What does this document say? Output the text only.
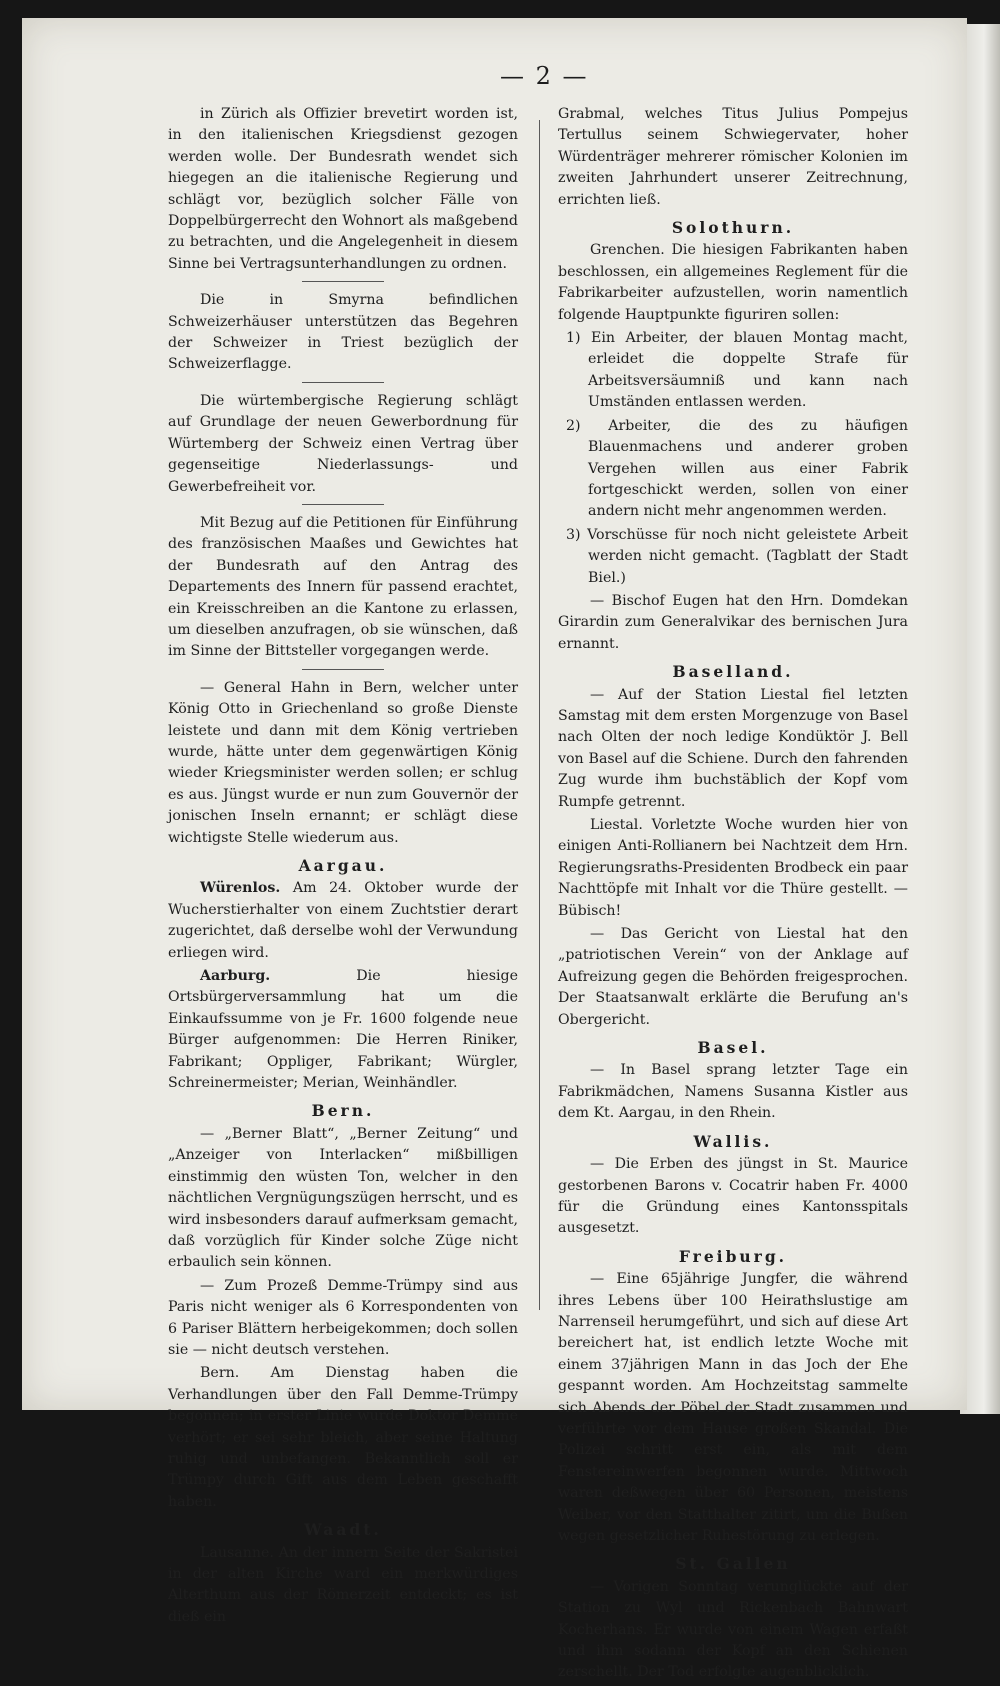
— 2 —

in Zürich als Offizier brevetirt worden ist, in den italienischen Kriegsdienst gezogen werden wolle. Der Bundesrath wendet sich hiegegen an die italienische Regierung und schlägt vor, bezüglich solcher Fälle von Doppelbürgerrecht den Wohnort als maßgebend zu betrachten, und die Angelegenheit in diesem Sinne bei Vertragsunterhandlungen zu ordnen.

Die in Smyrna befindlichen Schweizerhäuser unterstützen das Begehren der Schweizer in Triest bezüglich der Schweizerflagge.

Die würtembergische Regierung schlägt auf Grundlage der neuen Gewerbordnung für Würtemberg der Schweiz einen Vertrag über gegenseitige Niederlassungs- und Gewerbefreiheit vor.

Mit Bezug auf die Petitionen für Einführung des französischen Maaßes und Gewichtes hat der Bundesrath auf den Antrag des Departements des Innern für passend erachtet, ein Kreisschreiben an die Kantone zu erlassen, um dieselben anzufragen, ob sie wünschen, daß im Sinne der Bittsteller vorgegangen werde.

— General Hahn in Bern, welcher unter König Otto in Griechenland so große Dienste leistete und dann mit dem König vertrieben wurde, hätte unter dem gegenwärtigen König wieder Kriegsminister werden sollen; er schlug es aus. Jüngst wurde er nun zum Gouvernör der jonischen Inseln ernannt; er schlägt diese wichtigste Stelle wiederum aus.

Aargau.

Würenlos. Am 24. Oktober wurde der Wucherstierhalter von einem Zuchtstier derart zugerichtet, daß derselbe wohl der Verwundung erliegen wird.

Aarburg. Die hiesige Ortsbürgerversammlung hat um die Einkaufssumme von je Fr. 1600 folgende neue Bürger aufgenommen: Die Herren Riniker, Fabrikant; Oppliger, Fabrikant; Würgler, Schreinermeister; Merian, Weinhändler.

Bern.

— „Berner Blatt“, „Berner Zeitung“ und „Anzeiger von Interlacken“ mißbilligen einstimmig den wüsten Ton, welcher in den nächtlichen Vergnügungszügen herrscht, und es wird insbesonders darauf aufmerksam gemacht, daß vorzüglich für Kinder solche Züge nicht erbaulich sein können.

— Zum Prozeß Demme-Trümpy sind aus Paris nicht weniger als 6 Korrespondenten von 6 Pariser Blättern herbeigekommen; doch sollen sie — nicht deutsch verstehen.

Bern. Am Dienstag haben die Verhandlungen über den Fall Demme-Trümpy begonnen; in erster Linie wurde Doktor Demme verhört; er sei sehr bleich, aber seine Haltung ruhig und unbefangen. Bekanntlich soll er Trümpy durch Gift aus dem Leben geschafft haben.

Waadt.

Lausanne. An der innern Seite der Sakristei in der alten Kirche ward ein merkwürdiges Alterthum aus der Römerzeit entdeckt; es ist dieß ein

Grabmal, welches Titus Julius Pompejus Tertullus seinem Schwiegervater, hoher Würdenträger mehrerer römischer Kolonien im zweiten Jahrhundert unserer Zeitrechnung, errichten ließ.

Solothurn.

Grenchen. Die hiesigen Fabrikanten haben beschlossen, ein allgemeines Reglement für die Fabrikarbeiter aufzustellen, worin namentlich folgende Hauptpunkte figuriren sollen:

1) Ein Arbeiter, der blauen Montag macht, erleidet die doppelte Strafe für Arbeitsversäumniß und kann nach Umständen entlassen werden.

2) Arbeiter, die des zu häufigen Blauenmachens und anderer groben Vergehen willen aus einer Fabrik fortgeschickt werden, sollen von einer andern nicht mehr angenommen werden.

3) Vorschüsse für noch nicht geleistete Arbeit werden nicht gemacht. (Tagblatt der Stadt Biel.)

— Bischof Eugen hat den Hrn. Domdekan Girardin zum Generalvikar des bernischen Jura ernannt.

Baselland.

— Auf der Station Liestal fiel letzten Samstag mit dem ersten Morgenzuge von Basel nach Olten der noch ledige Kondüktör J. Bell von Basel auf die Schiene. Durch den fahrenden Zug wurde ihm buchstäblich der Kopf vom Rumpfe getrennt.

Liestal. Vorletzte Woche wurden hier von einigen Anti-Rollianern bei Nachtzeit dem Hrn. Regierungsraths-Presidenten Brodbeck ein paar Nachttöpfe mit Inhalt vor die Thüre gestellt. — Bübisch!

— Das Gericht von Liestal hat den „patriotischen Verein“ von der Anklage auf Aufreizung gegen die Behörden freigesprochen. Der Staatsanwalt erklärte die Berufung an's Obergericht.

Basel.

— In Basel sprang letzter Tage ein Fabrikmädchen, Namens Susanna Kistler aus dem Kt. Aargau, in den Rhein.

Wallis.

— Die Erben des jüngst in St. Maurice gestorbenen Barons v. Cocatrir haben Fr. 4000 für die Gründung eines Kantonsspitals ausgesetzt.

Freiburg.

— Eine 65jährige Jungfer, die während ihres Lebens über 100 Heirathslustige am Narrenseil herumgeführt, und sich auf diese Art bereichert hat, ist endlich letzte Woche mit einem 37jährigen Mann in das Joch der Ehe gespannt worden. Am Hochzeitstag sammelte sich Abends der Pöbel der Stadt zusammen und verführte vor dem Hause großen Skandal. Die Polizei schritt erst ein, als mit dem Fenstereinwerfen begonnen wurde. Mittwoch waren deßwegen über 60 Personen, meistens Weiber, vor den Statthalter zitirt, um die Bußen wegen gesetzlicher Ruhestörung zu erlegen.

St. Gallen

— Vorigen Sonntag verunglückte auf der Station zu Wyl und Rickenbach Bahnwart Kocherhans. Er wurde von einem Wagen erfaßt und ihm sodann der Kopf an den Schienen zerschellt. Der Tod erfolgte augenblicklich.
